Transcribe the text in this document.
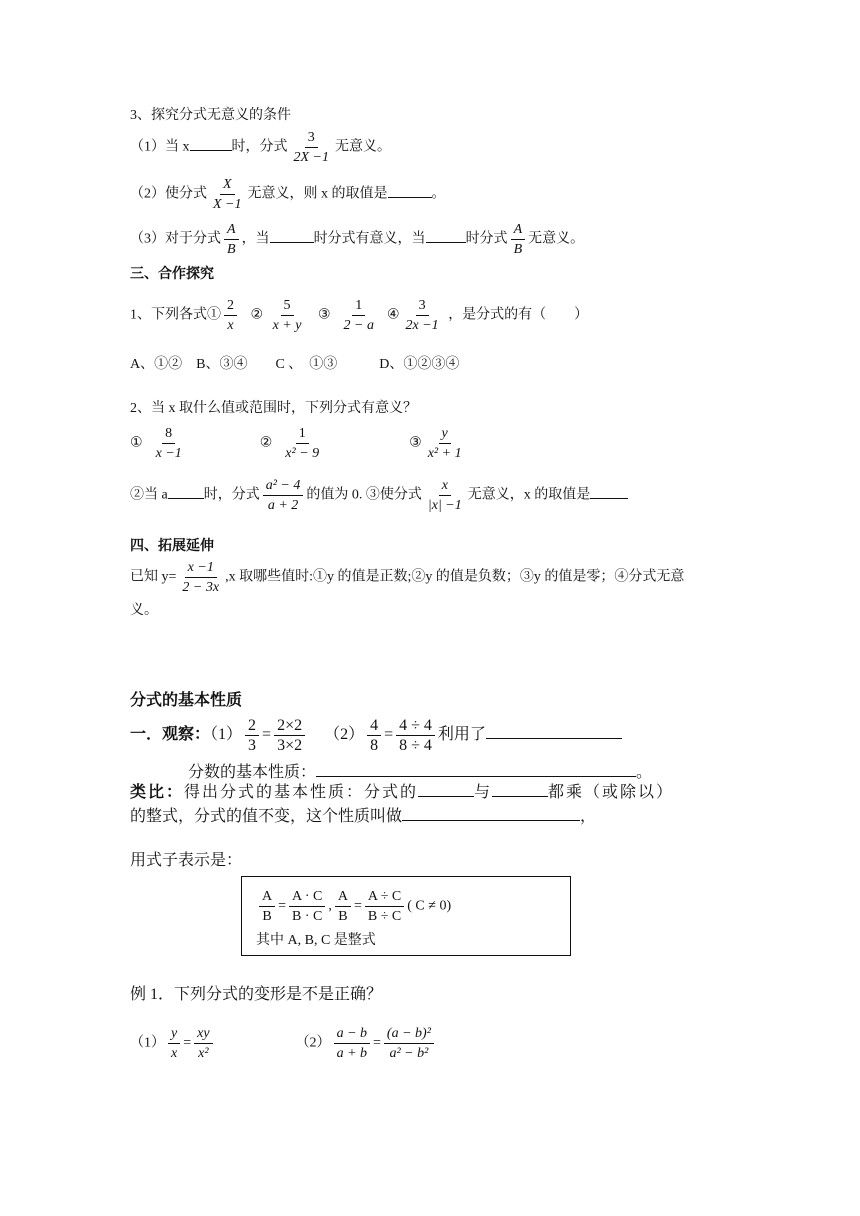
3、探究分式无意义的条件
（1）当 x	时，分式 $\frac{3}{2X -1}$ 无意义。
（2）使分式 $\frac{X}{X -1}$ 无意义，则 x 的取值是	。
（3）对于分式 $\frac{A}{B}$ ，当	时分式有意义，当	时分式 $\frac{A}{B}$ 无意义。
三、合作探究
1、下列各式① $\frac{2}{x}$ ② $\frac{5}{x + y}$ ③ $\frac{1}{2 - a}$ ④ $\frac{3}{2x -1}$ ，是分式的有（　　）
A、①②　B、③④　　C 、　①③　　　D、①②③④
2、当 x 取什么值或范围时，下列分式有意义？
① $\frac{8}{x -1}$	② $\frac{1}{\text{x² − 9}}$	③ $\frac{y}{\text{x² + 1}}$
②当 a	时，分式 $\frac{\text{a² − 4}}{a + 2}$ 的值为 0. ③使分式 $\frac{x}{|x| -1}$ 无意义，x 的取值是
四、拓展延伸
已知 $y= \frac{x -1}{2 - 3x} ,x$ 取哪些值时:①y 的值是正数;②y 的值是负数；③y 的值是零；④分式无意
义。
分式的基本性质
一．观察：$(1) \frac{2}{3} = \frac{2\times 2}{3\times 2} (2) \frac{4}{8} = \frac{4 \div 4}{8 \div 4}$ 利用了
分数的基本性质：	。
类比：得出分式的基本性质：分式的	与	都乘（或除以）
的整式，分式的值不变，这个性质叫做	，
用式子表示是：
$\frac{A}{B} = \frac{A \cdot C}{B \cdot C}$ , $\frac{A}{B} = \frac{A \div C}{B \div C}$ ( C ≠ 0)
其中 A, B, C 是整式
例 1．下列分式的变形是不是正确？
$(1) \frac{y}{x} = \frac{xy}{\text{x²}}$	$(2) \frac{a - b}{a + b} = \frac{\text{(a − b)²}}{\text{a² − b²}}$
